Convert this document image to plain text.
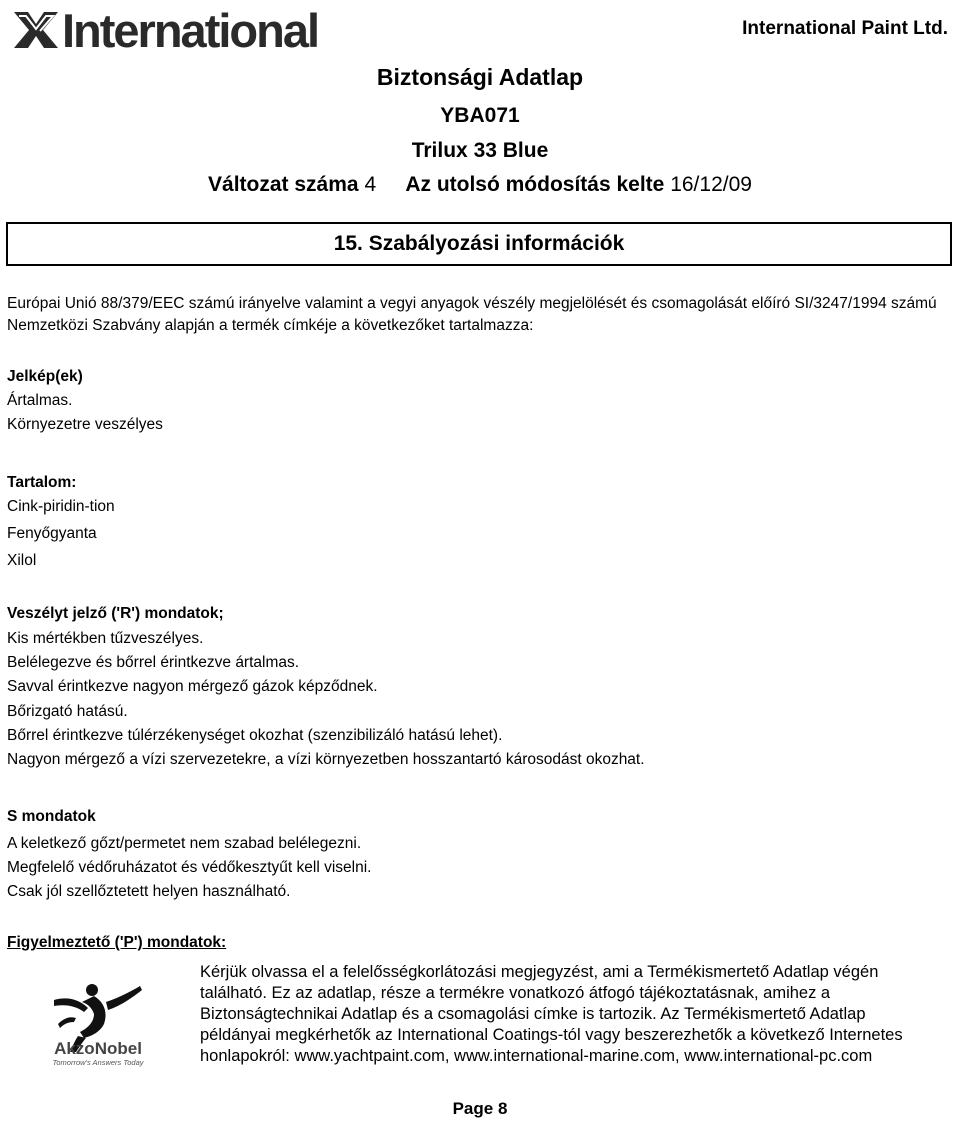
International	International Paint Ltd.
Biztonsági Adatlap
YBA071
Trilux 33 Blue
Változat száma 4 Az utolsó módosítás kelte 16/12/09
15. Szabályozási információk
Európai Unió 88/379/EEC számú irányelve valamint a vegyi anyagok vészély megjelölését és csomagolását előíró SI/3247/1994 számú Nemzetközi Szabvány alapján a termék címkéje a következőket tartalmazza:
Jelkép(ek)
Ártalmas.
Környezetre veszélyes
Tartalom:
Cink-piridin-tion
Fenyőgyanta
Xilol
Veszélyt jelző ('R') mondatok;
Kis mértékben tűzveszélyes.
Belélegezve és bőrrel érintkezve ártalmas.
Savval érintkezve nagyon mérgező gázok képződnek.
Bőrizgató hatású.
Bőrrel érintkezve túlérzékenységet okozhat (szenzibilizáló hatású lehet).
Nagyon mérgező a vízi szervezetekre, a vízi környezetben hosszantartó károsodást okozhat.
S mondatok
A keletkező gőzt/permetet nem szabad belélegezni.
Megfelelő védőruházatot és védőkesztyűt kell viselni.
Csak jól szellőztetett helyen használható.
Figyelmeztető ('P') mondatok:
AkzoNobel
Tomorrow's Answers Today
Kérjük olvassa el a felelősségkorlátozási megjegyzést, ami a Termékismertető Adatlap végén található. Ez az adatlap, része a termékre vonatkozó átfogó tájékoztatásnak, amihez a Biztonságtechnikai Adatlap és a csomagolási címke is tartozik. Az Termékismertető Adatlap példányai megkérhetők az International Coatings-tól vagy beszerezhetők a következő Internetes honlapokról: www.yachtpaint.com, www.international-marine.com, www.international-pc.com
Page 8
